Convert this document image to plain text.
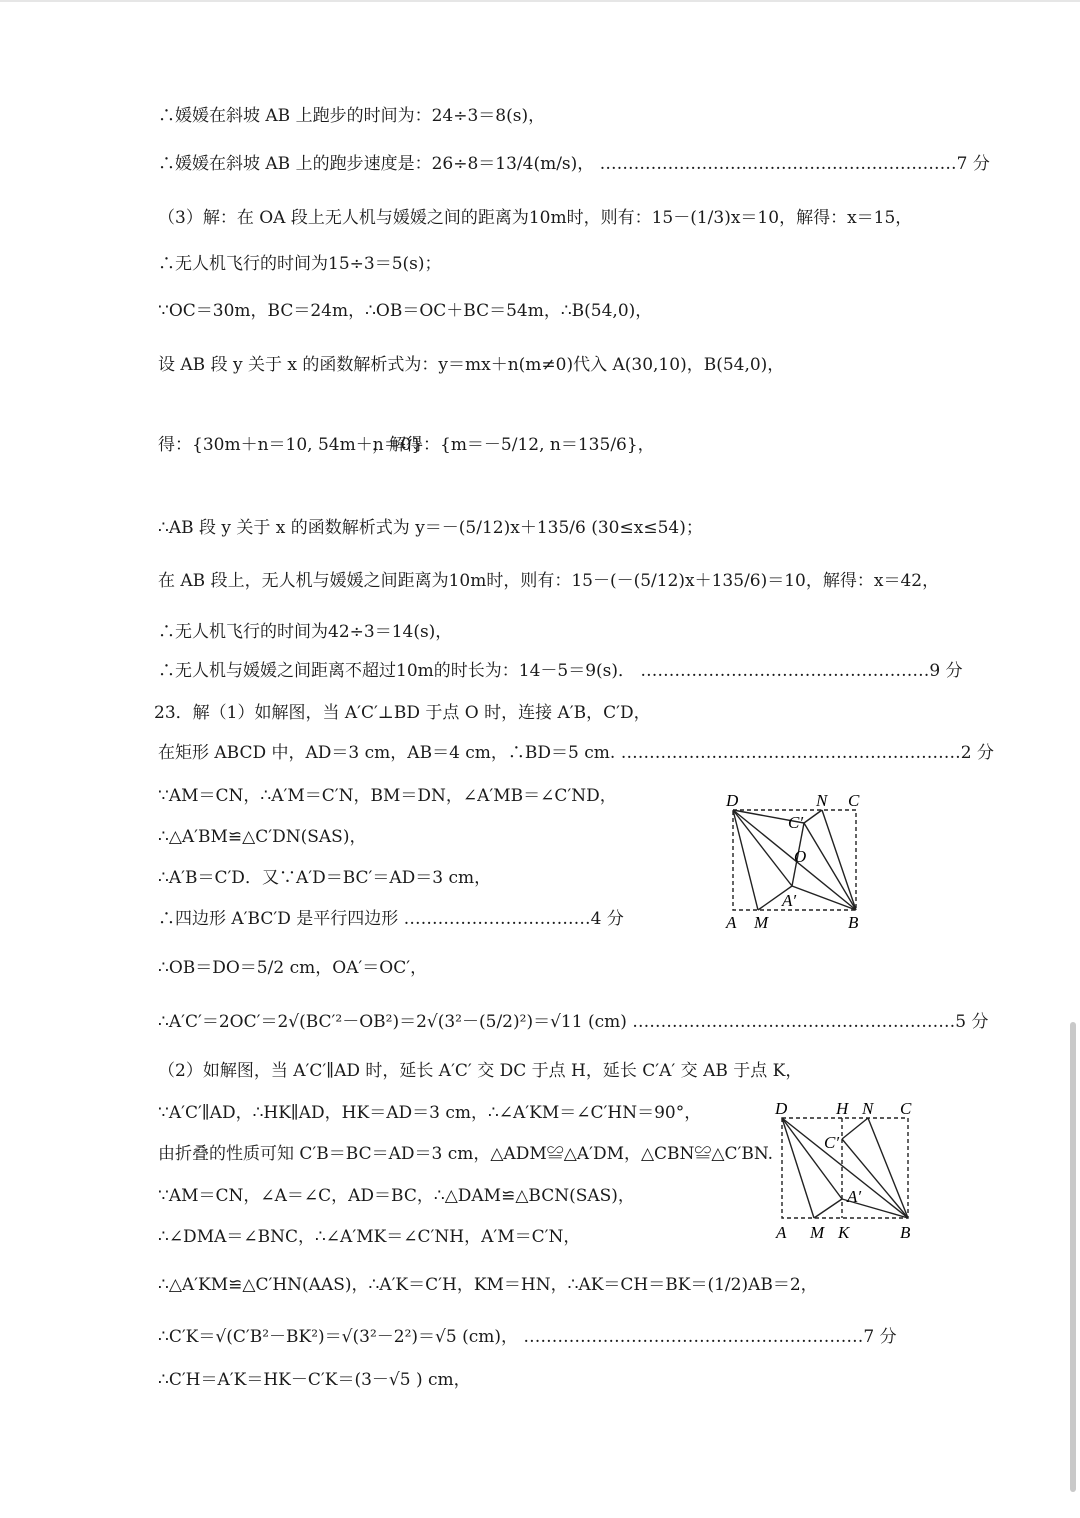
∴媛媛在斜坡 AB 上跑步的时间为：24÷3＝8(s)，
∴媛媛在斜坡 AB 上的跑步速度是：26÷8＝13/4(m/s)， ………………………………………………………7 分
（3）解：在 OA 段上无人机与媛媛之间的距离为10m时，则有：15－(1/3)x＝10，解得：x＝15，
∴无人机飞行的时间为15÷3＝5(s)；
∵OC＝30m，BC＝24m，∴OB＝OC＋BC＝54m，∴B(54,0)，
设 AB 段 y 关于 x 的函数解析式为：y＝mx＋n(m≠0)代入 A(30,10)，B(54,0)，
得：{30m＋n＝10, 54m＋n＝0}
，解得：{m＝－5/12, n＝135/6}，
∴AB 段 y 关于 x 的函数解析式为 y＝－(5/12)x＋135/6 (30≤x≤54)；
在 AB 段上，无人机与媛媛之间距离为10m时，则有：15－(－(5/12)x＋135/6)＝10，解得：x＝42，
∴无人机飞行的时间为42÷3＝14(s)，
∴无人机与媛媛之间距离不超过10m的时长为：14－5＝9(s)． ……………………………………………9 分
23．解（1）如解图，当 A′C′⊥BD 于点 O 时，连接 A′B，C′D，
在矩形 ABCD 中，AD＝3 cm，AB＝4 cm，∴BD＝5 cm. ……………………………………………………2 分
∵AM＝CN，∴A′M＝C′N，BM＝DN，∠A′MB＝∠C′ND，
∴△A′BM≌△C′DN(SAS)，
∴A′B＝C′D．又∵A′D＝BC′＝AD＝3 cm，
∴四边形 A′BC′D 是平行四边形 ……………………………4 分
∴OB＝DO＝5/2 cm，OA′＝OC′，
∴A′C′＝2OC′＝2√(BC′²－OB²)＝2√(3²－(5/2)²)＝√11 (cm) …………………………………………………5 分
（2）如解图，当 A′C′∥AD 时，延长 A′C′ 交 DC 于点 H，延长 C′A′ 交 AB 于点 K，
∵A′C′∥AD，∴HK∥AD，HK＝AD＝3 cm，∴∠A′KM＝∠C′HN＝90°，
由折叠的性质可知 C′B＝BC＝AD＝3 cm，△ADM≌△A′DM，△CBN≌△C′BN.
∵AM＝CN，∠A＝∠C，AD＝BC，∴△DAM≌△BCN(SAS)，
∴∠DMA＝∠BNC，∴∠A′MK＝∠C′NH，A′M＝C′N，
∴△A′KM≌△C′HN(AAS)，∴A′K＝C′H，KM＝HN，∴AK＝CH＝BK＝(1/2)AB＝2，
∴C′K＝√(C′B²－BK²)＝√(3²－2²)＝√5 (cm)， ……………………………………………………7 分
∴C′H＝A′K＝HK－C′K＝(3－√5 ) cm，
D	N C
C′
O
A′
A M	B
D	H N C
C′
A′
A M K	B
